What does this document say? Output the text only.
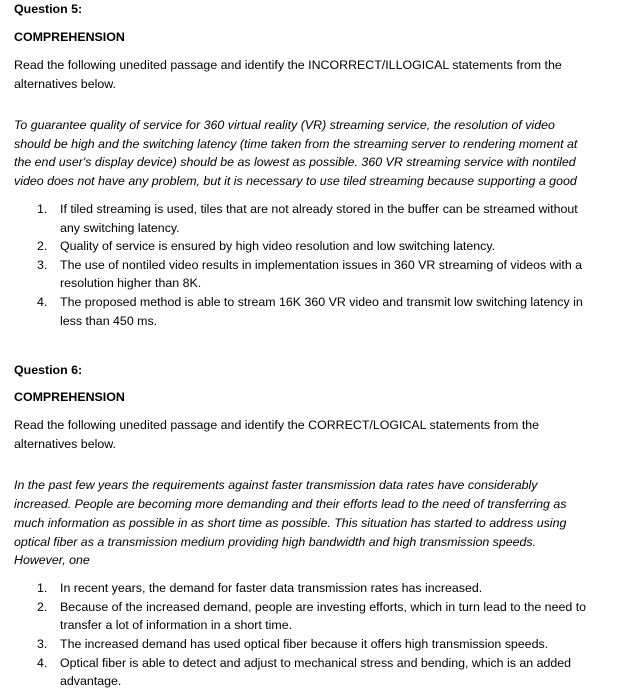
Question 5:
COMPREHENSION
Read the following unedited passage and identify the INCORRECT/ILLOGICAL statements from the
alternatives below.
To guarantee quality of service for 360 virtual reality (VR) streaming service, the resolution of video
should be high and the switching latency (time taken from the streaming server to rendering moment at
the end user's display device) should be as lowest as possible. 360 VR streaming service with nontiled
video does not have any problem, but it is necessary to use tiled streaming because supporting a good
1. If tiled streaming is used, tiles that are not already stored in the buffer can be streamed without
any switching latency.
2. Quality of service is ensured by high video resolution and low switching latency.
3. The use of nontiled video results in implementation issues in 360 VR streaming of videos with a
resolution higher than 8K.
4. The proposed method is able to stream 16K 360 VR video and transmit low switching latency in
less than 450 ms.
Question 6:
COMPREHENSION
Read the following unedited passage and identify the CORRECT/LOGICAL statements from the
alternatives below.
In the past few years the requirements against faster transmission data rates have considerably
increased. People are becoming more demanding and their efforts lead to the need of transferring as
much information as possible in as short time as possible. This situation has started to address using
optical fiber as a transmission medium providing high bandwidth and high transmission speeds.
However, one
1. In recent years, the demand for faster data transmission rates has increased.
2. Because of the increased demand, people are investing efforts, which in turn lead to the need to
transfer a lot of information in a short time.
3. The increased demand has used optical fiber because it offers high transmission speeds.
4. Optical fiber is able to detect and adjust to mechanical stress and bending, which is an added
advantage.
